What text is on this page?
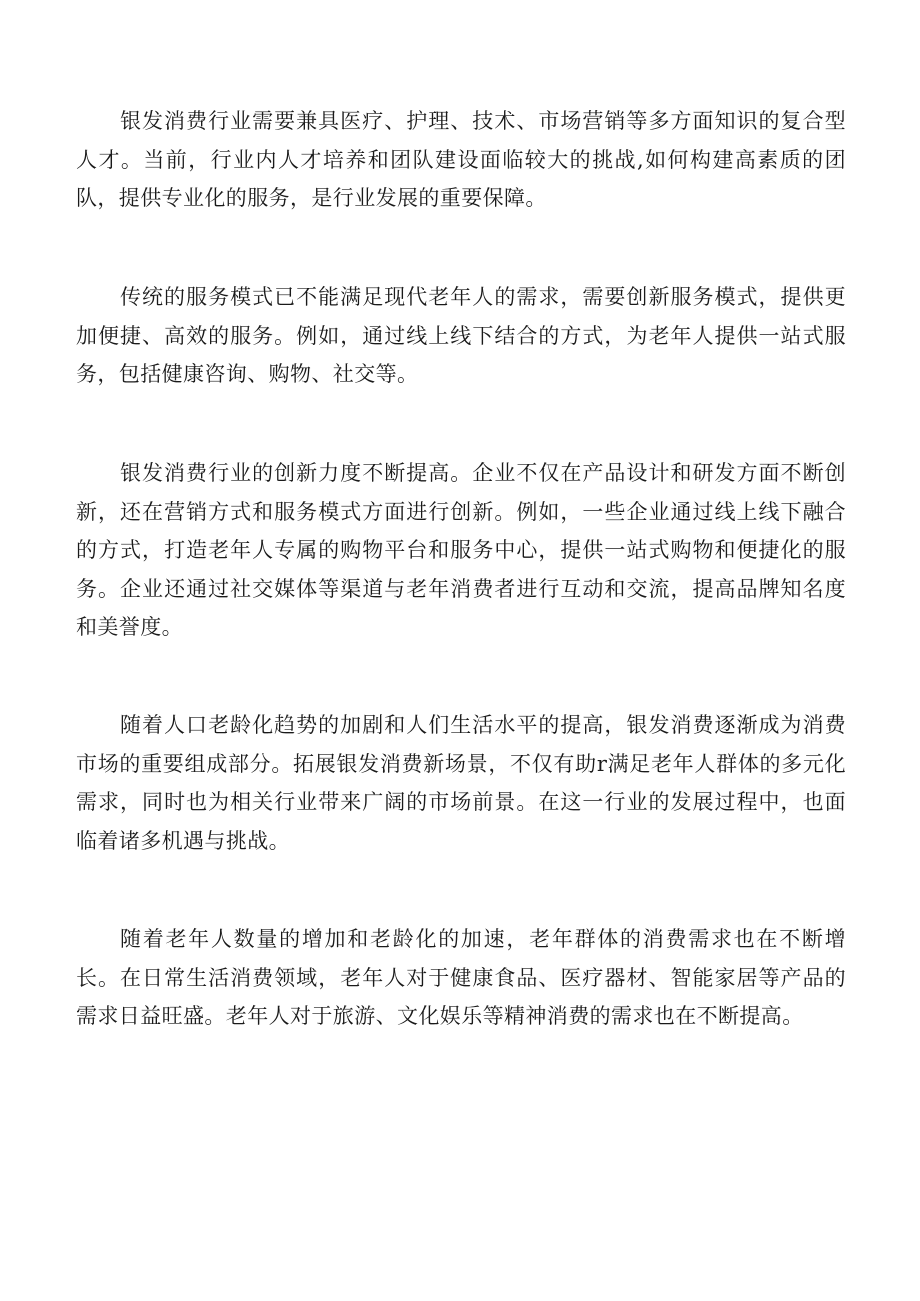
银发消费行业需要兼具医疗、护理、技术、市场营销等多方面知识的复合型人才。当前，行业内人才培养和团队建设面临较大的挑战,如何构建高素质的团队，提供专业化的服务，是行业发展的重要保障。

传统的服务模式已不能满足现代老年人的需求，需要创新服务模式，提供更加便捷、高效的服务。例如，通过线上线下结合的方式，为老年人提供一站式服务，包括健康咨询、购物、社交等。

银发消费行业的创新力度不断提高。企业不仅在产品设计和研发方面不断创新，还在营销方式和服务模式方面进行创新。例如，一些企业通过线上线下融合的方式，打造老年人专属的购物平台和服务中心，提供一站式购物和便捷化的服务。企业还通过社交媒体等渠道与老年消费者进行互动和交流，提高品牌知名度和美誉度。

随着人口老龄化趋势的加剧和人们生活水平的提高，银发消费逐渐成为消费市场的重要组成部分。拓展银发消费新场景，不仅有助r满足老年人群体的多元化需求，同时也为相关行业带来广阔的市场前景。在这一行业的发展过程中，也面临着诸多机遇与挑战。

随着老年人数量的增加和老龄化的加速，老年群体的消费需求也在不断增长。在日常生活消费领域，老年人对于健康食品、医疗器材、智能家居等产品的需求日益旺盛。老年人对于旅游、文化娱乐等精神消费的需求也在不断提高。
